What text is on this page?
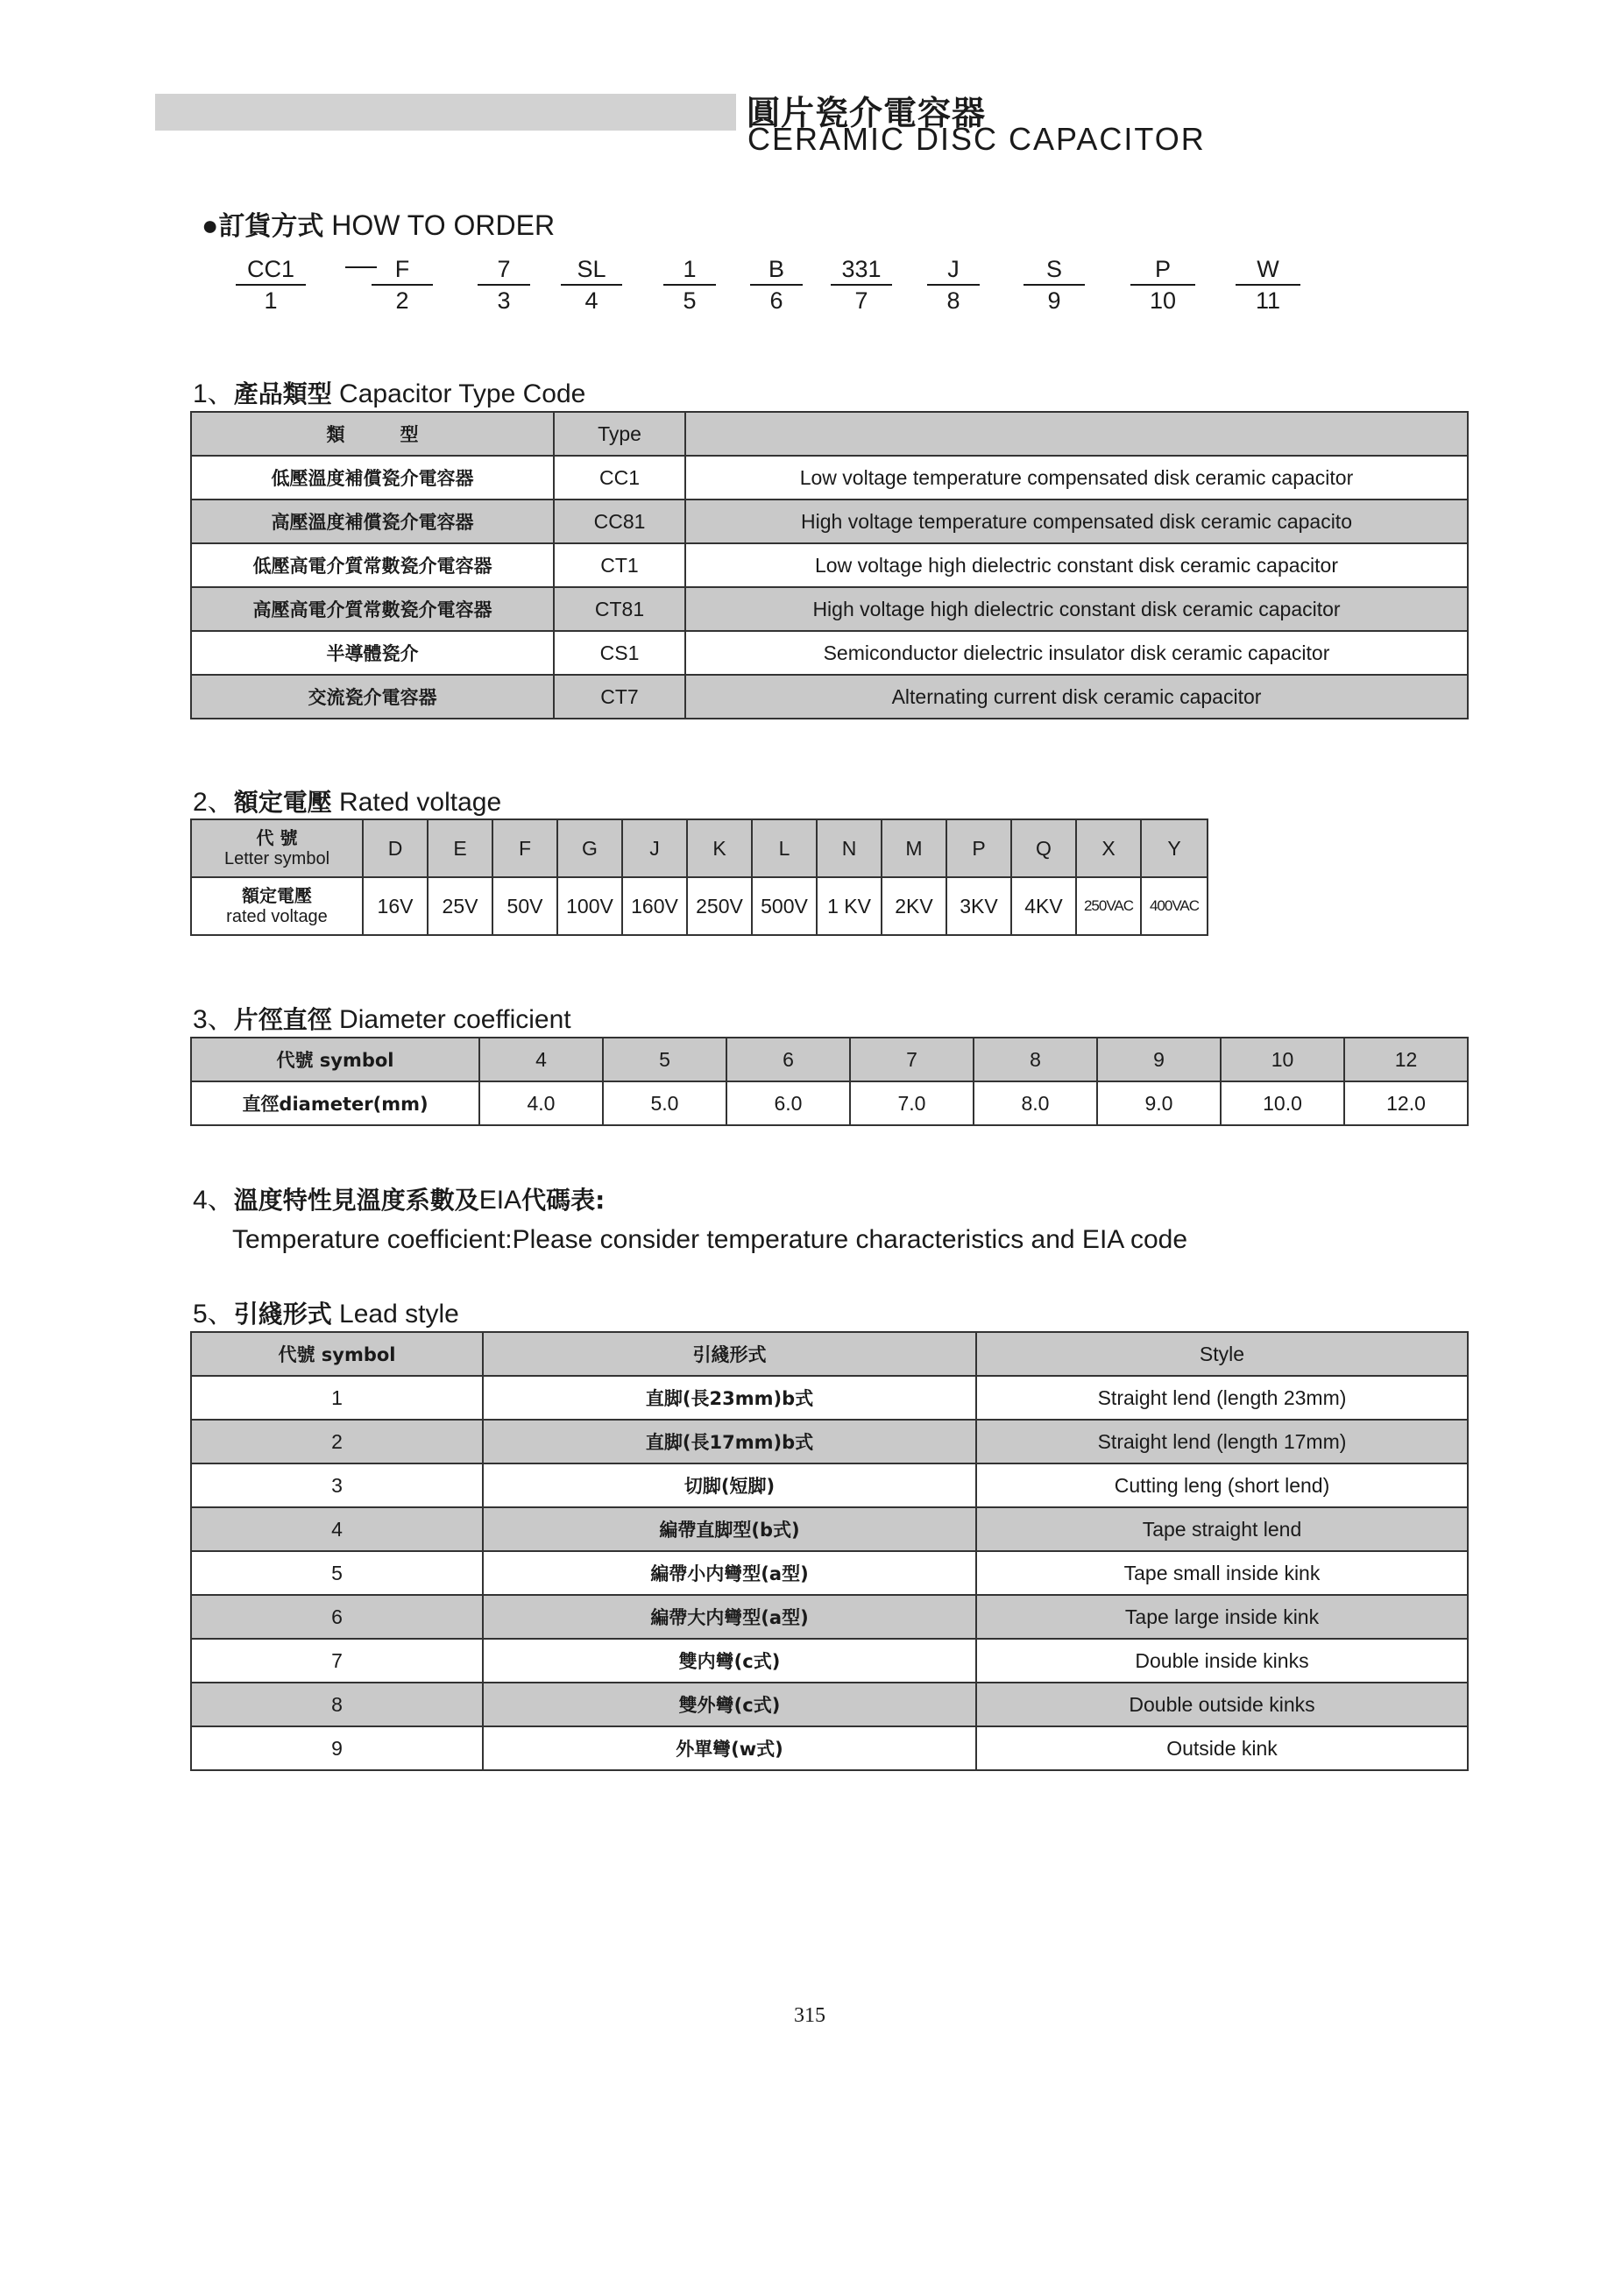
圓片瓷介電容器
CERAMIC DISC CAPACITOR
●訂貨方式 HOW TO ORDER
CC1
1
F
2
7
3
SL
4
1
5
B
6
331
7
J
8
S
9
P
10
W
11
1、產品類型 Capacitor Type Code
類　　　型	Type	
低壓溫度補償瓷介電容器	CC1	Low voltage temperature compensated disk ceramic capacitor
高壓溫度補償瓷介電容器	CC81	High voltage temperature compensated disk ceramic capacito
低壓高電介質常數瓷介電容器	CT1	Low voltage high dielectric constant disk ceramic capacitor
高壓高電介質常數瓷介電容器	CT81	High voltage high dielectric constant disk ceramic capacitor
半導體瓷介	CS1	Semiconductor dielectric insulator disk ceramic capacitor
交流瓷介電容器	CT7	Alternating current disk ceramic capacitor
2、額定電壓 Rated voltage
代 號
Letter symbol	D	E	F	G	J	K	L	N	M	P	Q	X	Y

額定電壓
rated voltage	16V	25V	50V	100V	160V	250V	500V	1 KV	2KV	3KV	4KV	250VAC	400VAC
3、片徑直徑 Diameter coefficient
代號 symbol	4	5	6	7	8	9	10	12
直徑diameter(mm)	4.0	5.0	6.0	7.0	8.0	9.0	10.0	12.0
4、溫度特性見溫度系數及EIA代碼表:
Temperature coefficient:Please consider temperature characteristics and EIA code
5、引綫形式 Lead style
代號 symbol	引綫形式	Style
1	直脚(長23mm)b式	Straight lend (length 23mm)
2	直脚(長17mm)b式	Straight lend (length 17mm)
3	切脚(短脚)	Cutting leng (short lend)
4	編帶直脚型(b式)	Tape straight lend
5	編帶小内彎型(a型)	Tape small inside kink
6	編帶大内彎型(a型)	Tape large inside kink
7	雙内彎(c式)	Double inside kinks
8	雙外彎(c式)	Double outside kinks
9	外單彎(w式)	Outside kink
315
